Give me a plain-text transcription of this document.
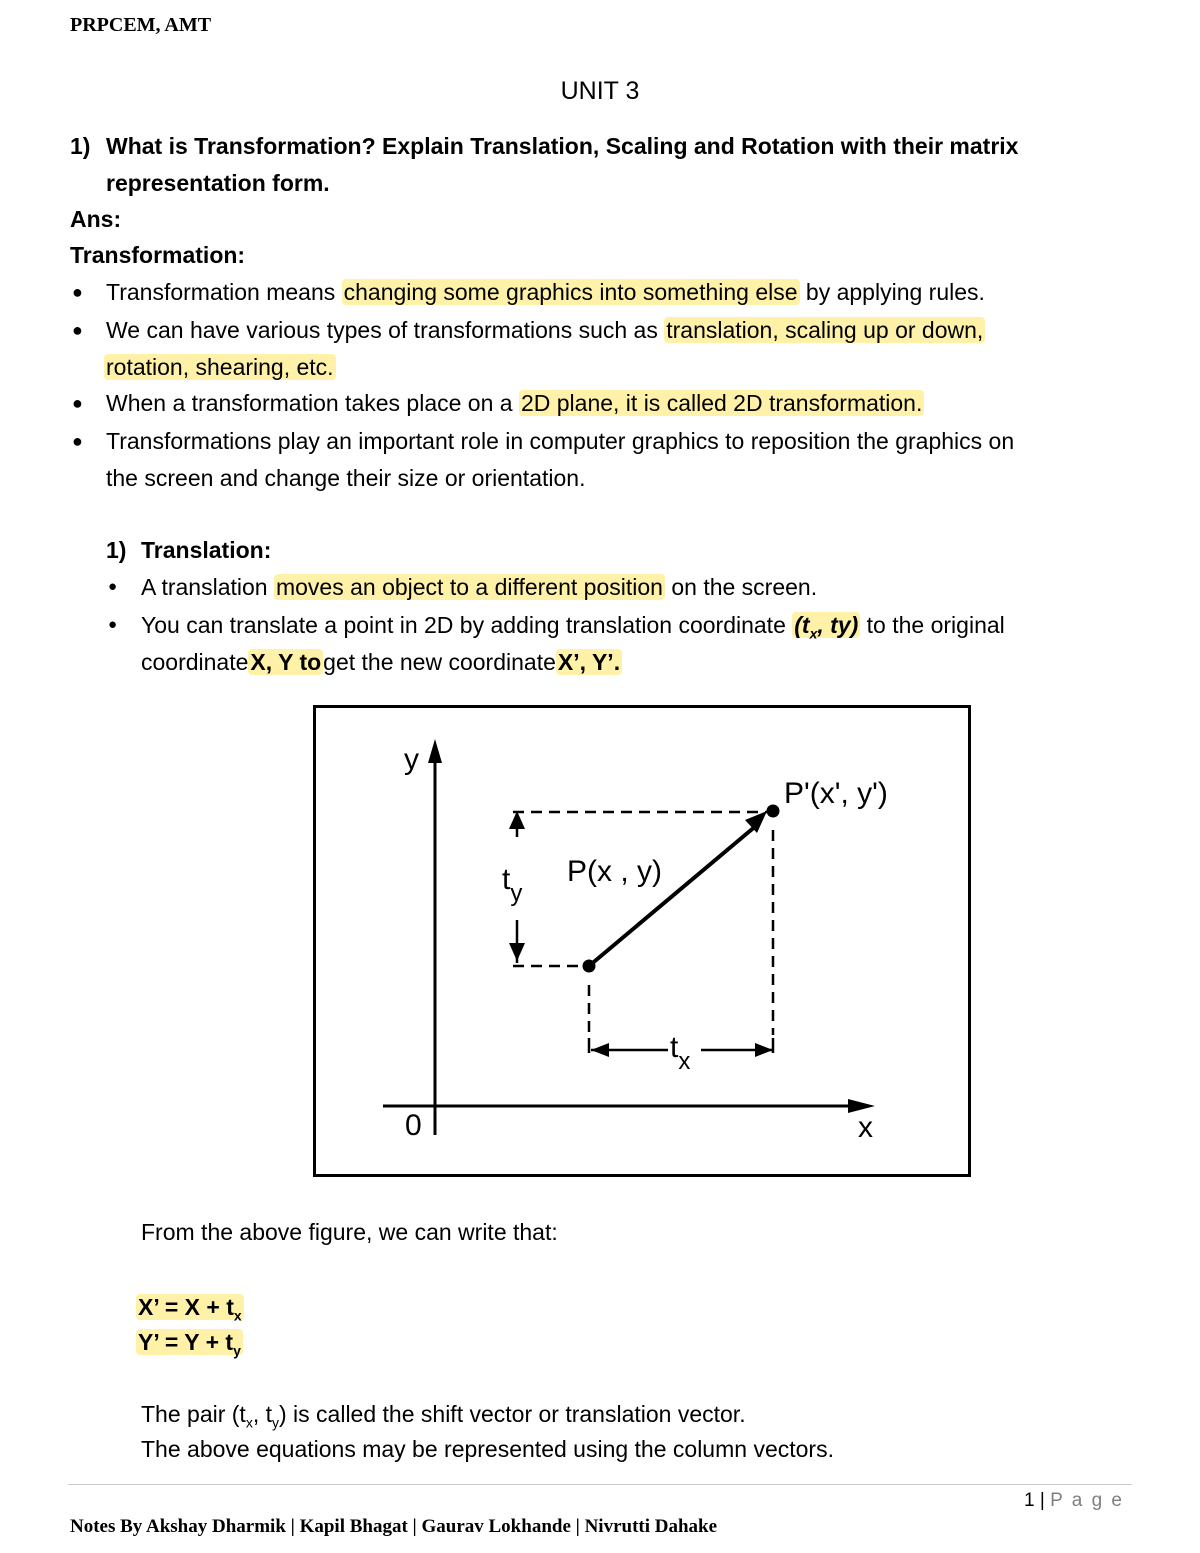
PRPCEM, AMT
UNIT 3
1) What is Transformation? Explain Translation, Scaling and Rotation with their matrix
representation form.
Ans:
Transformation:
● Transformation means changing some graphics into something else by applying rules.
● We can have various types of transformations such as translation, scaling up or down,
rotation, shearing, etc.
● When a transformation takes place on a 2D plane, it is called 2D transformation.
● Transformations play an important role in computer graphics to reposition the graphics on
the screen and change their size or orientation.
1) Translation:
● A translation moves an object to a different position on the screen.
● You can translate a point in 2D by adding translation coordinate ($t_x$, ty) to the original
coordinateX, Y toget the new coordinateX’, Y’.
y
x
0
P(x , y)
P'(x', y')
$t_y$
$t_x$
From the above figure, we can write that:
X’ = $X + t_x$
Y’ = $Y + t_y$
The pair ($t_x$, $t_y$) is called the shift vector or translation vector.
The above equations may be represented using the column vectors.
1 | P a g e
Notes By Akshay Dharmik | Kapil Bhagat | Gaurav Lokhande | Nivrutti Dahake
